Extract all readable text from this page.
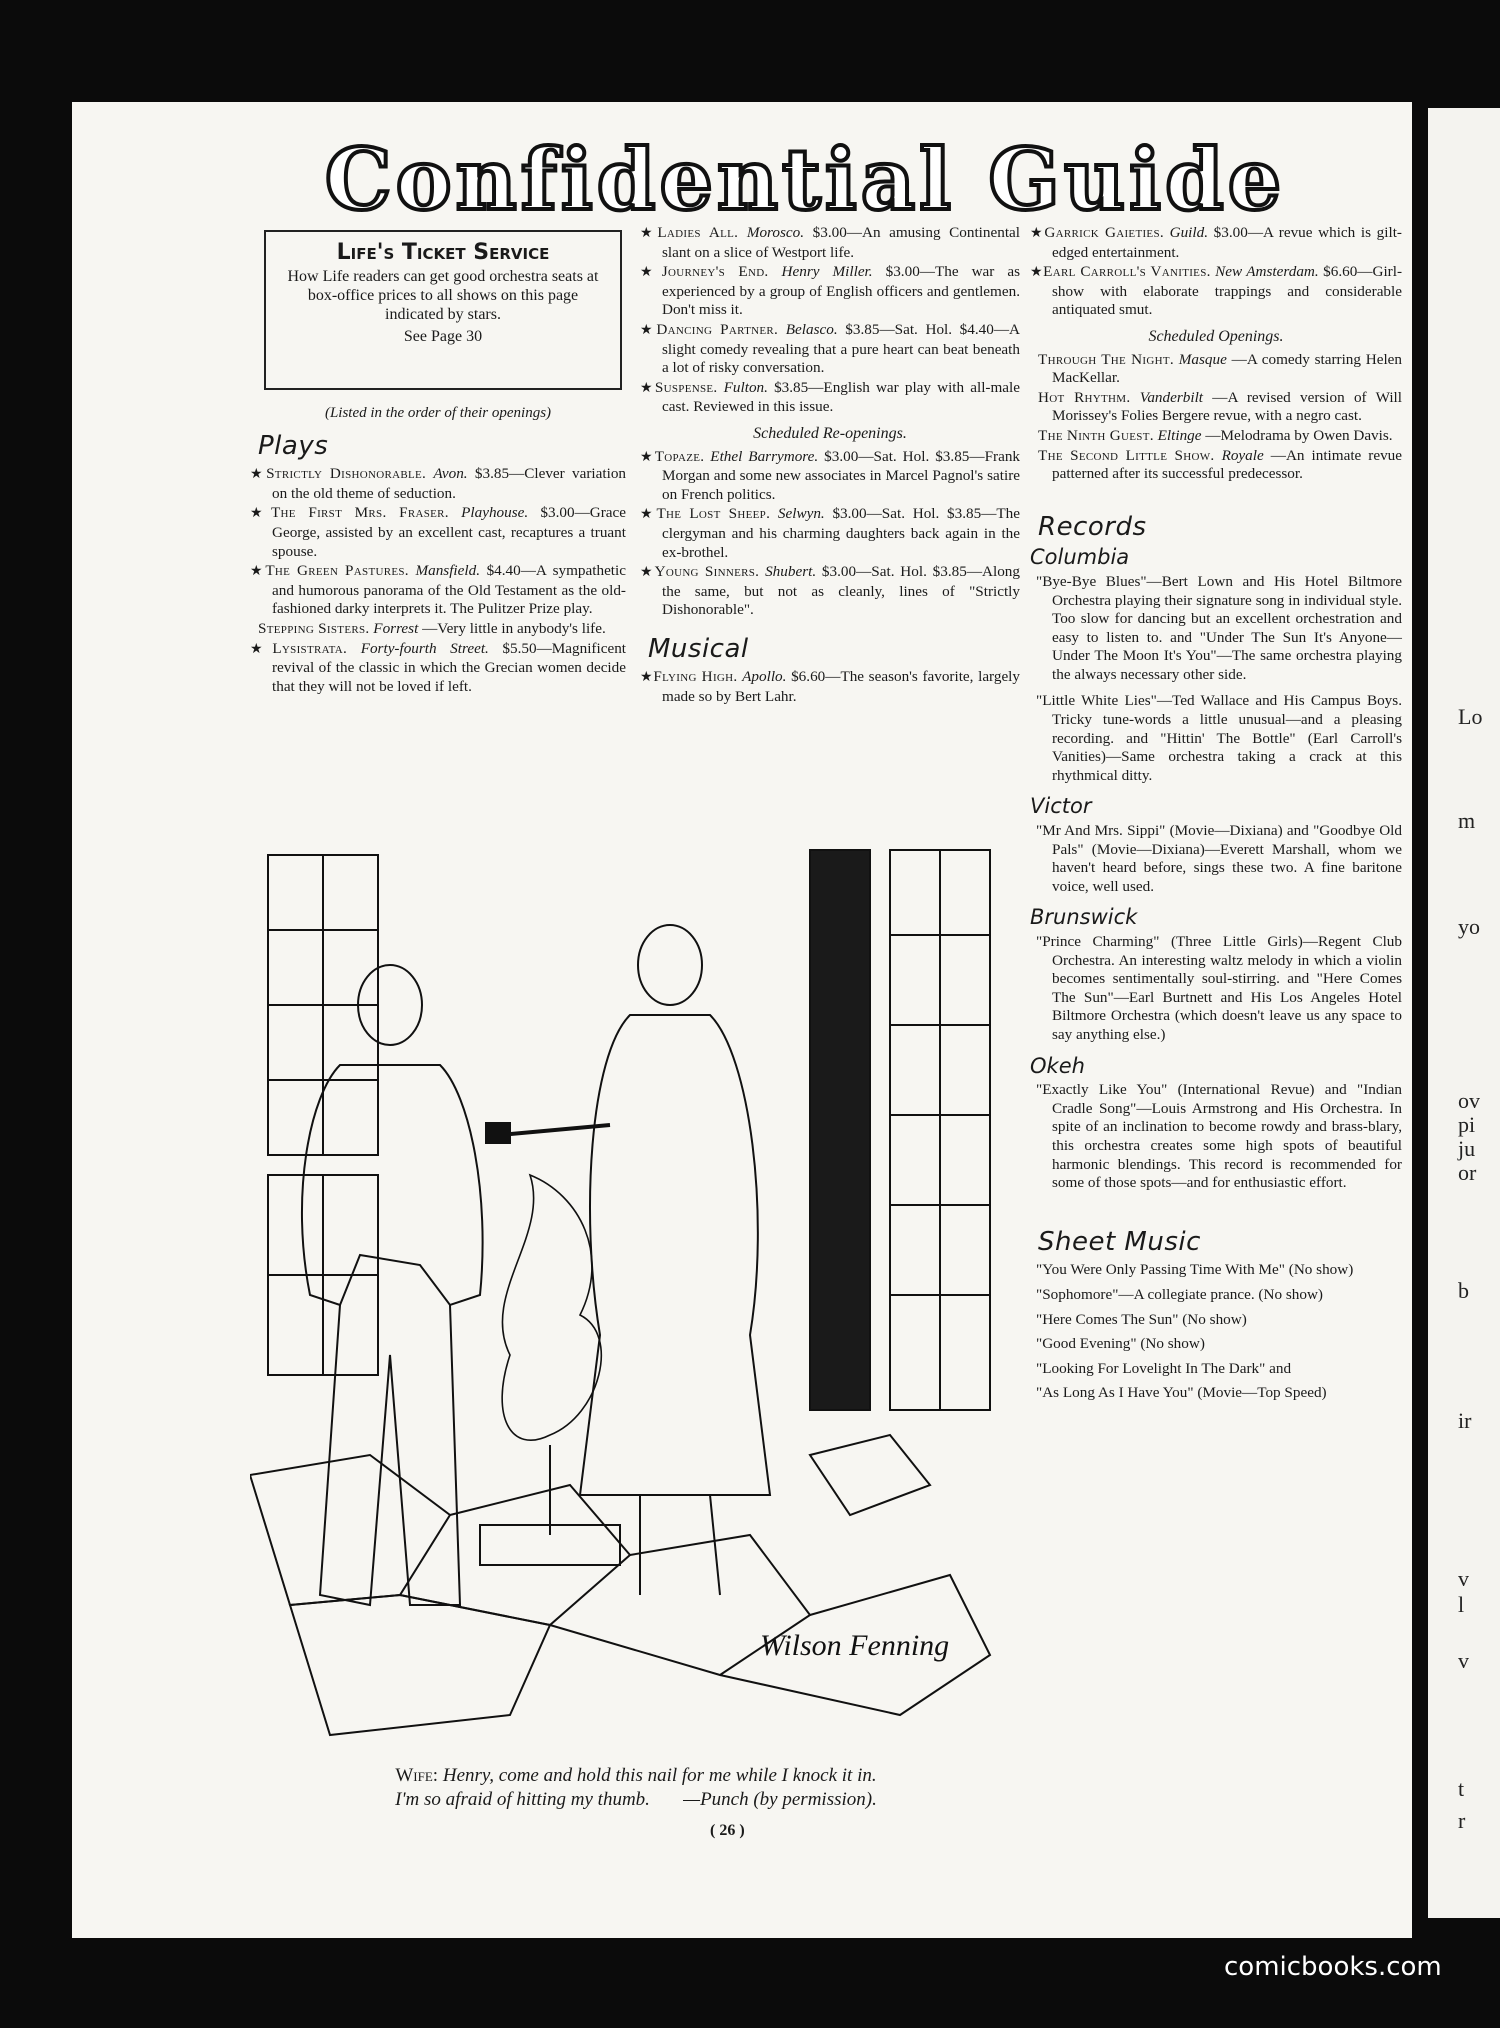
Lo
m
yo
ov
pi
ju
or
b
ir
v
l
v
t
r
Confidential Guide
Life's Ticket Service
How Life readers can get good orchestra seats at box-office prices to all shows on this page indicated by stars.
See Page 30
(Listed in the order of their openings)
Plays
★Strictly Dishonorable. Avon. $3.85—Clever variation on the old theme of seduction.
★The First Mrs. Fraser. Playhouse. $3.00—Grace George, assisted by an excellent cast, recaptures a truant spouse.
★The Green Pastures. Mansfield. $4.40—A sympathetic and humorous panorama of the Old Testament as the old-fashioned darky interprets it. The Pulitzer Prize play.
Stepping Sisters. Forrest —Very little in anybody's life.
★Lysistrata. Forty-fourth Street. $5.50—Magnificent revival of the classic in which the Grecian women decide that they will not be loved if left.
★Ladies All. Morosco. $3.00—An amusing Continental slant on a slice of Westport life.
★Journey's End. Henry Miller. $3.00—The war as experienced by a group of English officers and gentlemen. Don't miss it.
★Dancing Partner. Belasco. $3.85—Sat. Hol. $4.40—A slight comedy revealing that a pure heart can beat beneath a lot of risky conversation.
★Suspense. Fulton. $3.85—English war play with all-male cast. Reviewed in this issue.
Scheduled Re-openings.
★Topaze. Ethel Barrymore. $3.00—Sat. Hol. $3.85—Frank Morgan and some new associates in Marcel Pagnol's satire on French politics.
★The Lost Sheep. Selwyn. $3.00—Sat. Hol. $3.85—The clergyman and his charming daughters back again in the ex-brothel.
★Young Sinners. Shubert. $3.00—Sat. Hol. $3.85—Along the same, but not as cleanly, lines of "Strictly Dishonorable".
Musical
★Flying High. Apollo. $6.60—The season's favorite, largely made so by Bert Lahr.
★Garrick Gaieties. Guild. $3.00—A revue which is gilt-edged entertainment.
★Earl Carroll's Vanities. New Amsterdam. $6.60—Girl-show with elaborate trappings and considerable antiquated smut.
Scheduled Openings.
Through The Night. Masque —A comedy starring Helen MacKellar.
Hot Rhythm. Vanderbilt —A revised version of Will Morissey's Folies Bergere revue, with a negro cast.
The Ninth Guest. Eltinge —Melodrama by Owen Davis.
The Second Little Show. Royale —An intimate revue patterned after its successful predecessor.
Records
Columbia
"Bye-Bye Blues"—Bert Lown and His Hotel Biltmore Orchestra playing their signature song in individual style. Too slow for dancing but an excellent orchestration and easy to listen to. and "Under The Sun It's Anyone—Under The Moon It's You"—The same orchestra playing the always necessary other side.
"Little White Lies"—Ted Wallace and His Campus Boys. Tricky tune-words a little unusual—and a pleasing recording. and "Hittin' The Bottle" (Earl Carroll's Vanities)—Same orchestra taking a crack at this rhythmical ditty.
Victor
"Mr And Mrs. Sippi" (Movie—Dixiana) and "Goodbye Old Pals" (Movie—Dixiana)—Everett Marshall, whom we haven't heard before, sings these two. A fine baritone voice, well used.
Brunswick
"Prince Charming" (Three Little Girls)—Regent Club Orchestra. An interesting waltz melody in which a violin becomes sentimentally soul-stirring. and "Here Comes The Sun"—Earl Burtnett and His Los Angeles Hotel Biltmore Orchestra (which doesn't leave us any space to say anything else.)
Okeh
"Exactly Like You" (International Revue) and "Indian Cradle Song"—Louis Armstrong and His Orchestra. In spite of an inclination to become rowdy and brass-blary, this orchestra creates some high spots of beautiful harmonic blendings. This record is recommended for some of those spots—and for enthusiastic effort.
Sheet Music
"You Were Only Passing Time With Me" (No show)
"Sophomore"—A collegiate prance. (No show)
"Here Comes The Sun" (No show)
"Good Evening" (No show)
"Looking For Lovelight In The Dark" and
"As Long As I Have You" (Movie—Top Speed)
Wilson Fenning
Wife: Henry, come and hold this nail for me while I knock it in.
I'm so afraid of hitting my thumb. —Punch (by permission).
( 26 )
comicbooks.com
